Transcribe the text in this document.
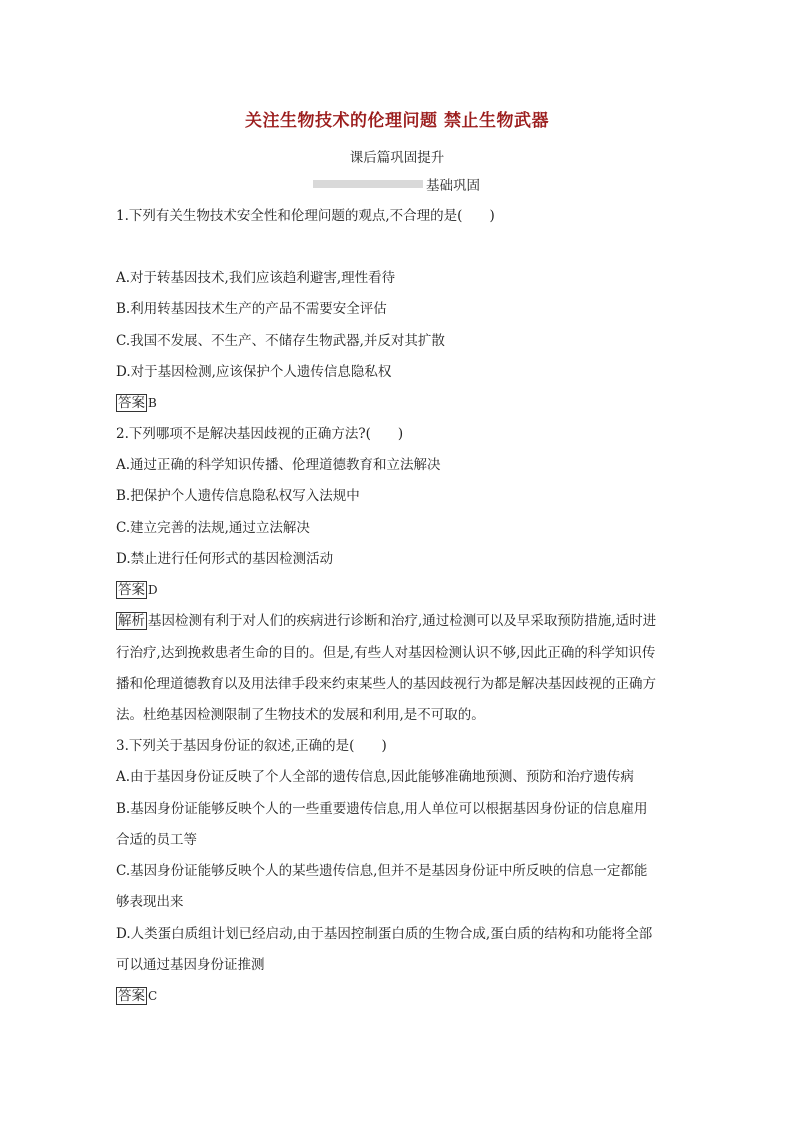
关注生物技术的伦理问题 禁止生物武器
课后篇巩固提升
基础巩固
1.下列有关生物技术安全性和伦理问题的观点,不合理的是(　　)
A.对于转基因技术,我们应该趋利避害,理性看待
B.利用转基因技术生产的产品不需要安全评估
C.我国不发展、不生产、不储存生物武器,并反对其扩散
D.对于基因检测,应该保护个人遗传信息隐私权
答案 B
2.下列哪项不是解决基因歧视的正确方法?(　　)
A.通过正确的科学知识传播、伦理道德教育和立法解决
B.把保护个人遗传信息隐私权写入法规中
C.建立完善的法规,通过立法解决
D.禁止进行任何形式的基因检测活动
答案 D
解析 基因检测有利于对人们的疾病进行诊断和治疗,通过检测可以及早采取预防措施,适时进
行治疗,达到挽救患者生命的目的。但是,有些人对基因检测认识不够,因此正确的科学知识传
播和伦理道德教育以及用法律手段来约束某些人的基因歧视行为都是解决基因歧视的正确方
法。杜绝基因检测限制了生物技术的发展和利用,是不可取的。
3.下列关于基因身份证的叙述,正确的是(　　)
A.由于基因身份证反映了个人全部的遗传信息,因此能够准确地预测、预防和治疗遗传病
B.基因身份证能够反映个人的一些重要遗传信息,用人单位可以根据基因身份证的信息雇用
合适的员工等
C.基因身份证能够反映个人的某些遗传信息,但并不是基因身份证中所反映的信息一定都能
够表现出来
D.人类蛋白质组计划已经启动,由于基因控制蛋白质的生物合成,蛋白质的结构和功能将全部
可以通过基因身份证推测
答案 C
